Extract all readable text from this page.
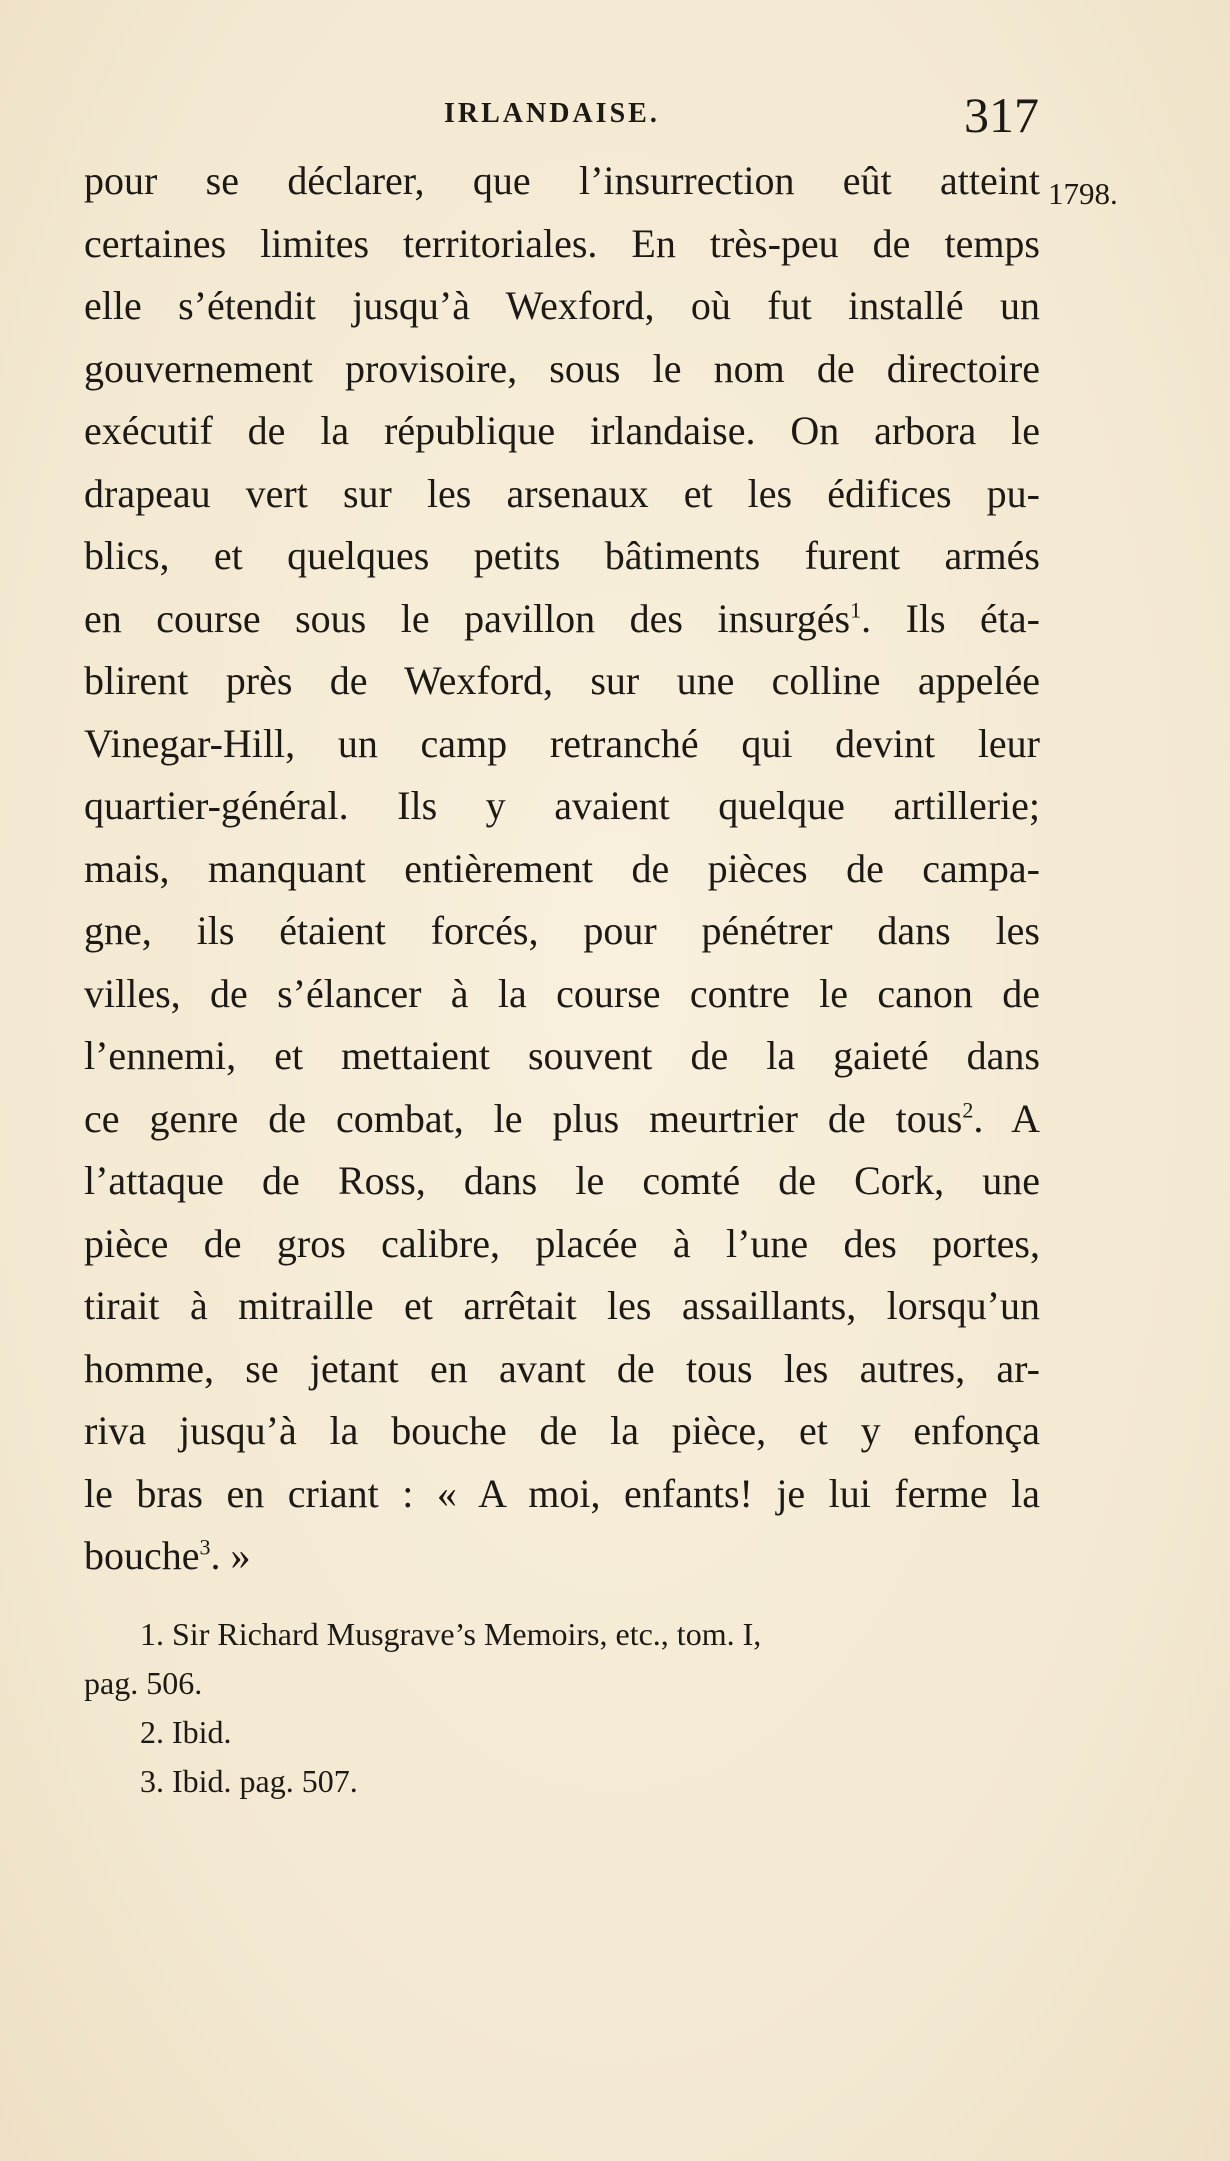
IRLANDAISE.	317
1798.
pour se déclarer, que l’insurrection eût atteint
certaines limites territoriales. En très-peu de temps
elle s’étendit jusqu’à Wexford, où fut installé un
gouvernement provisoire, sous le nom de directoire
exécutif de la république irlandaise. On arbora le
drapeau vert sur les arsenaux et les édifices pu-
blics, et quelques petits bâtiments furent armés
en course sous le pavillon des insurgés$^1$. Ils éta-
blirent près de Wexford, sur une colline appelée
Vinegar-Hill, un camp retranché qui devint leur
quartier-général. Ils y avaient quelque artillerie;
mais, manquant entièrement de pièces de campa-
gne, ils étaient forcés, pour pénétrer dans les
villes, de s’élancer à la course contre le canon de
l’ennemi, et mettaient souvent de la gaieté dans
ce genre de combat, le plus meurtrier de tous$^2$. A
l’attaque de Ross, dans le comté de Cork, une
pièce de gros calibre, placée à l’une des portes,
tirait à mitraille et arrêtait les assaillants, lorsqu’un
homme, se jetant en avant de tous les autres, ar-
riva jusqu’à la bouche de la pièce, et y enfonça
le bras en criant : « A moi, enfants! je lui ferme la
bouche$^3$. »
1. Sir Richard Musgrave’s Memoirs, etc., tom. I,
pag. 506.
2. Ibid.
3. Ibid. pag. 507.
